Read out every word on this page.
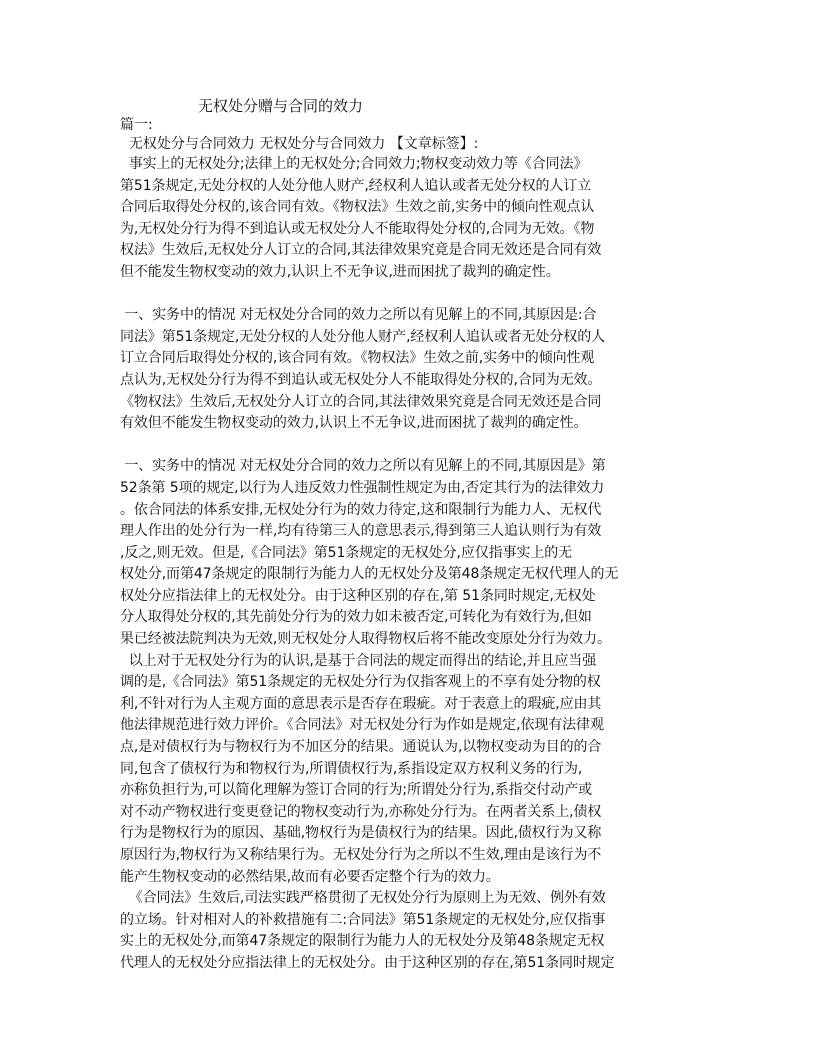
无权处分赠与合同的效力
篇一:
无权处分与合同效力 无权处分与合同效力 【文章标签】:
事实上的无权处分;法律上的无权处分;合同效力;物权变动效力等《合同法》
第51条规定,无处分权的人处分他人财产,经权利人追认或者无处分权的人订立
合同后取得处分权的,该合同有效。《物权法》生效之前,实务中的倾向性观点认
为,无权处分行为得不到追认或无权处分人不能取得处分权的,合同为无效。《物
权法》生效后,无权处分人订立的合同,其法律效果究竟是合同无效还是合同有效
但不能发生物权变动的效力,认识上不无争议,进而困扰了裁判的确定性。
一、实务中的情况 对无权处分合同的效力之所以有见解上的不同,其原因是:合
同法》第51条规定,无处分权的人处分他人财产,经权利人追认或者无处分权的人
订立合同后取得处分权的,该合同有效。《物权法》生效之前,实务中的倾向性观
点认为,无权处分行为得不到追认或无权处分人不能取得处分权的,合同为无效。
《物权法》生效后,无权处分人订立的合同,其法律效果究竟是合同无效还是合同
有效但不能发生物权变动的效力,认识上不无争议,进而困扰了裁判的确定性。
一、实务中的情况 对无权处分合同的效力之所以有见解上的不同,其原因是》第
52条第 5项的规定,以行为人违反效力性强制性规定为由,否定其行为的法律效力
。依合同法的体系安排,无权处分行为的效力待定,这和限制行为能力人、无权代
理人作出的处分行为一样,均有待第三人的意思表示,得到第三人追认则行为有效
,反之,则无效。但是,《合同法》第51条规定的无权处分,应仅指事实上的无
权处分,而第47条规定的限制行为能力人的无权处分及第48条规定无权代理人的无
权处分应指法律上的无权处分。由于这种区别的存在,第 51条同时规定,无权处
分人取得处分权的,其先前处分行为的效力如未被否定,可转化为有效行为,但如
果已经被法院判决为无效,则无权处分人取得物权后将不能改变原处分行为效力。
以上对于无权处分行为的认识,是基于合同法的规定而得出的结论,并且应当强
调的是,《合同法》第51条规定的无权处分行为仅指客观上的不享有处分物的权
利,不针对行为人主观方面的意思表示是否存在瑕疵。对于表意上的瑕疵,应由其
他法律规范进行效力评价。《合同法》对无权处分行为作如是规定,依现有法律观
点,是对债权行为与物权行为不加区分的结果。通说认为,以物权变动为目的的合
同,包含了债权行为和物权行为,所谓债权行为,系指设定双方权利义务的行为,
亦称负担行为,可以简化理解为签订合同的行为;所谓处分行为,系指交付动产或
对不动产物权进行变更登记的物权变动行为,亦称处分行为。在两者关系上,债权
行为是物权行为的原因、基础,物权行为是债权行为的结果。因此,债权行为又称
原因行为,物权行为又称结果行为。无权处分行为之所以不生效,理由是该行为不
能产生物权变动的必然结果,故而有必要否定整个行为的效力。
《合同法》生效后,司法实践严格贯彻了无权处分行为原则上为无效、例外有效
的立场。针对相对人的补救措施有二:合同法》第51条规定的无权处分,应仅指事
实上的无权处分,而第47条规定的限制行为能力人的无权处分及第48条规定无权
代理人的无权处分应指法律上的无权处分。由于这种区别的存在,第51条同时规定
